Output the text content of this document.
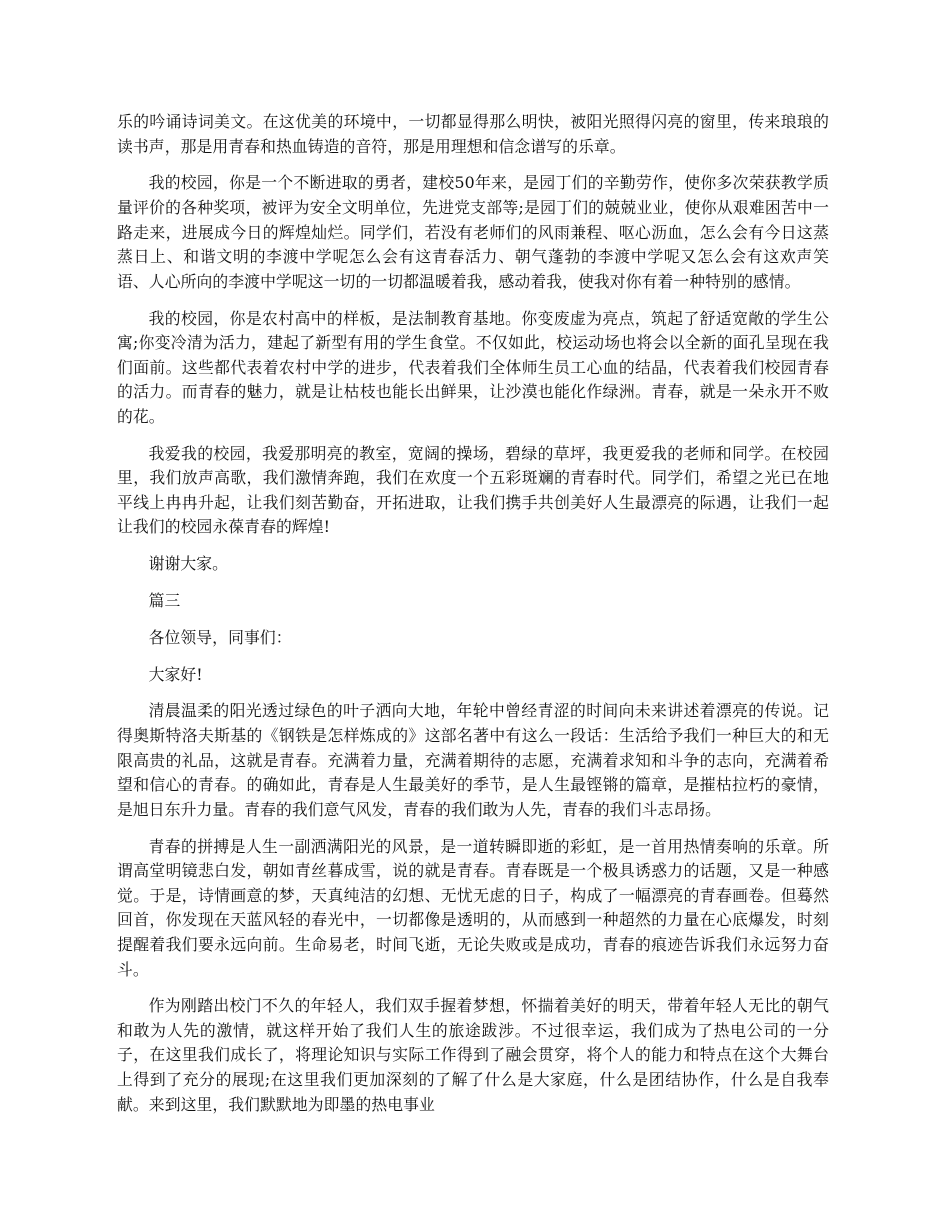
乐的吟诵诗词美文。在这优美的环境中，一切都显得那么明快，被阳光照得闪亮的窗里，传来琅琅的读书声，那是用青春和热血铸造的音符，那是用理想和信念谱写的乐章。

我的校园，你是一个不断进取的勇者，建校50年来，是园丁们的辛勤劳作，使你多次荣获教学质量评价的各种奖项，被评为安全文明单位，先进党支部等;是园丁们的兢兢业业，使你从艰难困苦中一路走来，进展成今日的辉煌灿烂。同学们，若没有老师们的风雨兼程、呕心沥血，怎么会有今日这蒸蒸日上、和谐文明的李渡中学呢怎么会有这青春活力、朝气蓬勃的李渡中学呢又怎么会有这欢声笑语、人心所向的李渡中学呢这一切的一切都温暖着我，感动着我，使我对你有着一种特别的感情。

我的校园，你是农村高中的样板，是法制教育基地。你变废虚为亮点，筑起了舒适宽敞的学生公寓;你变冷清为活力，建起了新型有用的学生食堂。不仅如此，校运动场也将会以全新的面孔呈现在我们面前。这些都代表着农村中学的进步，代表着我们全体师生员工心血的结晶，代表着我们校园青春的活力。而青春的魅力，就是让枯枝也能长出鲜果，让沙漠也能化作绿洲。青春，就是一朵永开不败的花。

我爱我的校园，我爱那明亮的教室，宽阔的操场，碧绿的草坪，我更爱我的老师和同学。在校园里，我们放声高歌，我们激情奔跑，我们在欢度一个五彩斑斓的青春时代。同学们，希望之光已在地平线上冉冉升起，让我们刻苦勤奋，开拓进取，让我们携手共创美好人生最漂亮的际遇，让我们一起让我们的校园永葆青春的辉煌!

谢谢大家。

篇三

各位领导，同事们：

大家好!

清晨温柔的阳光透过绿色的叶子洒向大地，年轮中曾经青涩的时间向未来讲述着漂亮的传说。记得奥斯特洛夫斯基的《钢铁是怎样炼成的》这部名著中有这么一段话：生活给予我们一种巨大的和无限高贵的礼品，这就是青春。充满着力量，充满着期待的志愿，充满着求知和斗争的志向，充满着希望和信心的青春。的确如此，青春是人生最美好的季节，是人生最铿锵的篇章，是摧枯拉朽的豪情，是旭日东升力量。青春的我们意气风发，青春的我们敢为人先，青春的我们斗志昂扬。

青春的拼搏是人生一副洒满阳光的风景，是一道转瞬即逝的彩虹，是一首用热情奏响的乐章。所谓高堂明镜悲白发，朝如青丝暮成雪，说的就是青春。青春既是一个极具诱惑力的话题，又是一种感觉。于是，诗情画意的梦，天真纯洁的幻想、无忧无虑的日子，构成了一幅漂亮的青春画卷。但蓦然回首，你发现在天蓝风轻的春光中，一切都像是透明的，从而感到一种超然的力量在心底爆发，时刻提醒着我们要永远向前。生命易老，时间飞逝，无论失败或是成功，青春的痕迹告诉我们永远努力奋斗。

作为刚踏出校门不久的年轻人，我们双手握着梦想，怀揣着美好的明天，带着年轻人无比的朝气和敢为人先的激情，就这样开始了我们人生的旅途跋涉。不过很幸运，我们成为了热电公司的一分子，在这里我们成长了，将理论知识与实际工作得到了融会贯穿，将个人的能力和特点在这个大舞台上得到了充分的展现;在这里我们更加深刻的了解了什么是大家庭，什么是团结协作，什么是自我奉献。来到这里，我们默默地为即墨的热电事业
